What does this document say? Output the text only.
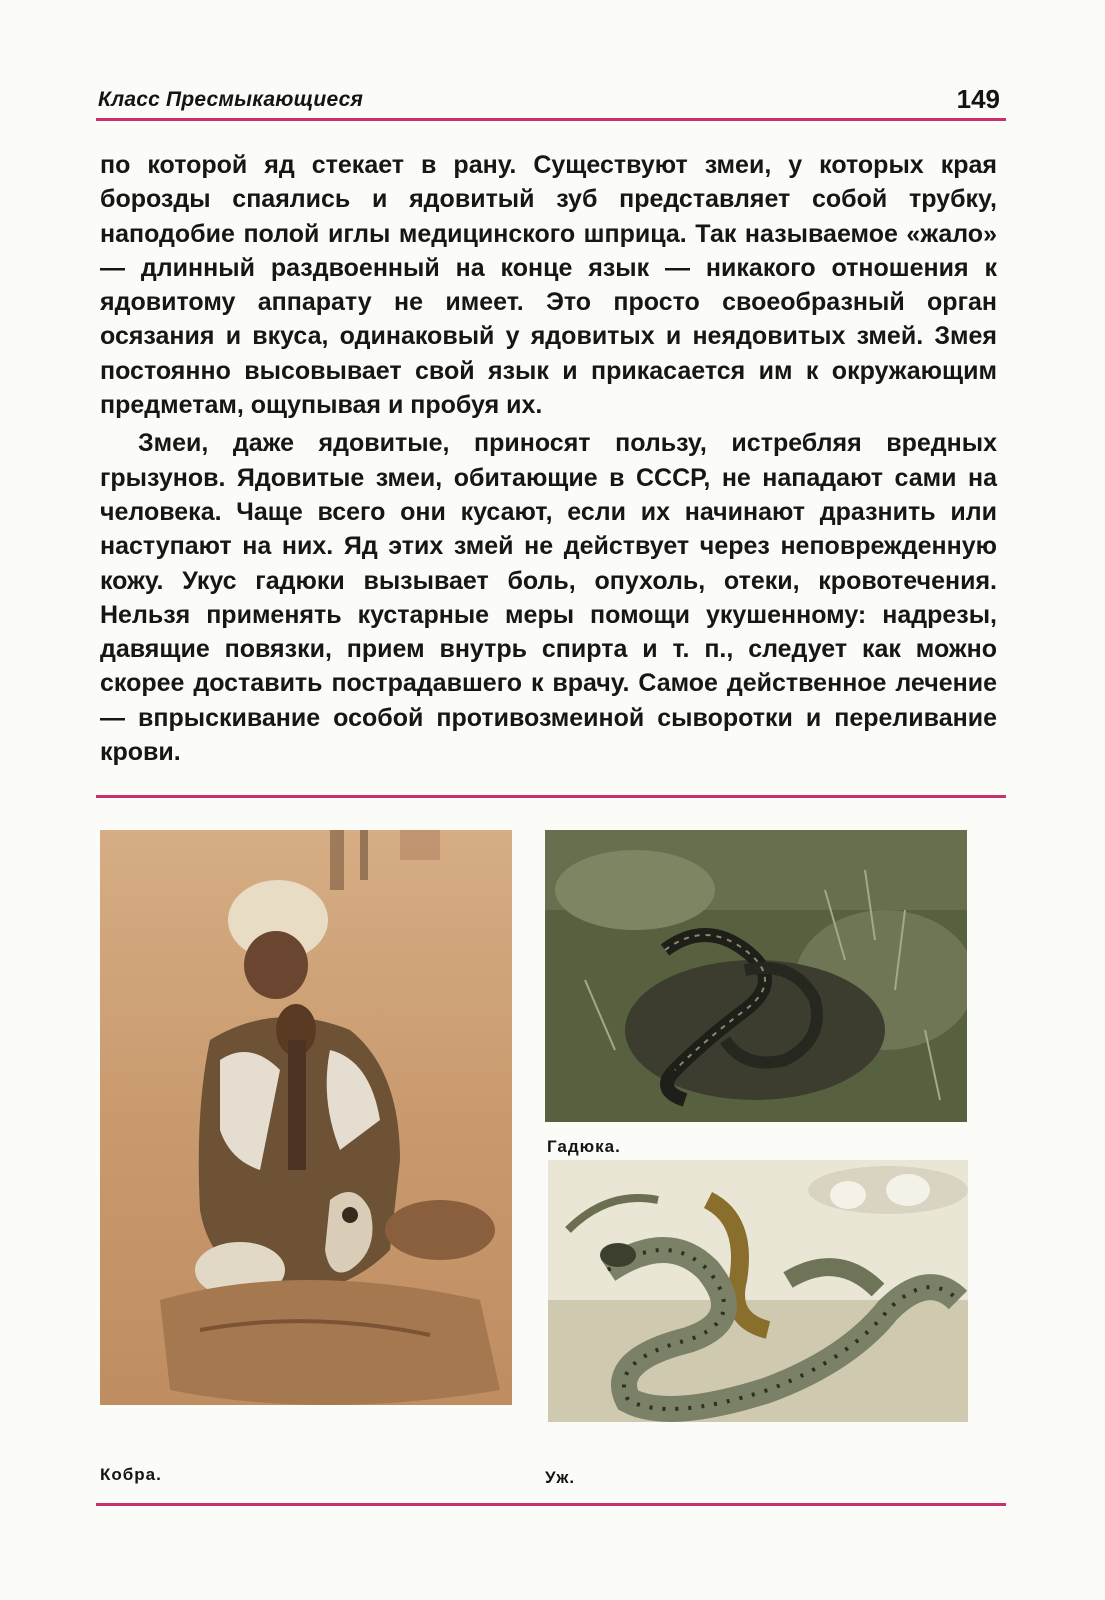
Класс Пресмыкающиеся	149

по которой яд стекает в рану. Существуют змеи, у которых края борозды спаялись и ядовитый зуб представляет собой трубку, наподобие полой иглы медицинского шприца. Так называемое «жало» — длинный раздвоенный на конце язык — никакого отношения к ядовитому аппарату не имеет. Это просто своеобразный орган осязания и вкуса, одинаковый у ядовитых и неядовитых змей. Змея постоянно высовывает свой язык и прикасается им к окружающим предметам, ощупывая и пробуя их.

Змеи, даже ядовитые, приносят пользу, истребляя вредных грызунов. Ядовитые змеи, обитающие в СССР, не нападают сами на человека. Чаще всего они кусают, если их начинают дразнить или наступают на них. Яд этих змей не действует через неповрежденную кожу. Укус гадюки вызывает боль, опухоль, отеки, кровотечения. Нельзя применять кустарные меры помощи укушенному: надрезы, давящие повязки, прием внутрь спирта и т. п., следует как можно скорее доставить пострадавшего к врачу. Самое действенное лечение — впрыскивание особой противозмеиной сыворотки и переливание крови.

Гадюка.
Кобра.	Уж.
